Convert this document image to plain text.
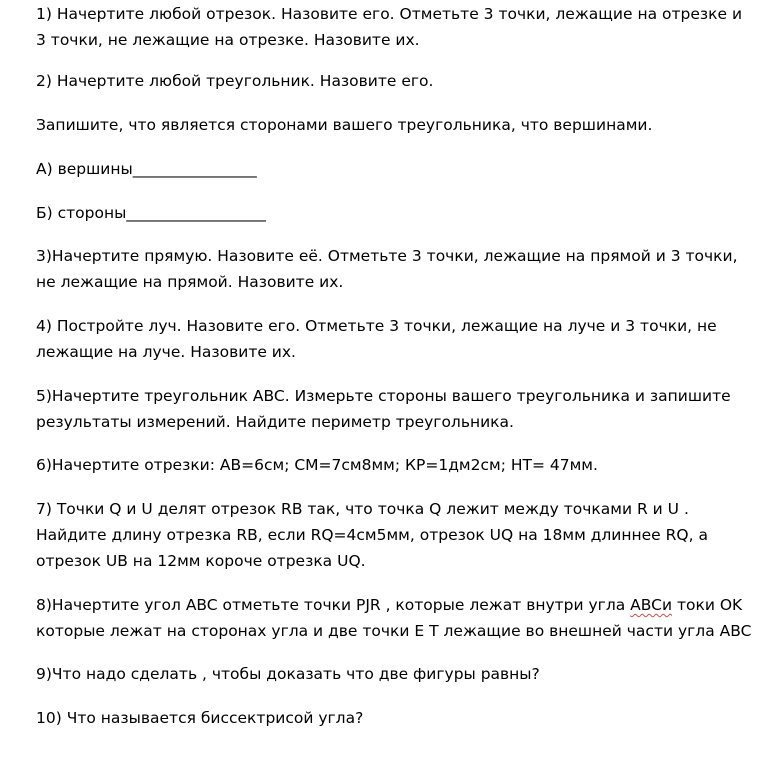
1) Начертите любой отрезок. Назовите его. Отметьте 3 точки, лежащие на отрезке и
3 точки, не лежащие на отрезке. Назовите их.

2) Начертите любой треугольник. Назовите его.

Запишите, что является сторонами вашего треугольника, что вершинами.

А) вершины________________

Б) стороны__________________

3)Начертите прямую. Назовите её. Отметьте 3 точки, лежащие на прямой и 3 точки,
не лежащие на прямой. Назовите их.

4) Постройте луч. Назовите его. Отметьте 3 точки, лежащие на луче и 3 точки, не
лежащие на луче. Назовите их.

5)Начертите треугольник ABC. Измерьте стороны вашего треугольника и запишите
результаты измерений. Найдите периметр треугольника.

6)Начертите отрезки: АВ=6см; СМ=7см8мм; КР=1дм2см; НТ= 47мм.

7) Точки Q и U делят отрезок RB так, что точка Q лежит между точками R и U .
Найдите длину отрезка RB, если RQ=4см5мм, отрезок UQ на 18мм длиннее RQ, а
отрезок UB на 12мм короче отрезка UQ.

8)Начертите угол ABC отметьте точки PJR , которые лежат внутри угла ABCи токи OK
которые лежат на сторонах угла и две точки E T лежащие во внешней части угла ABC

9)Что надо сделать , чтобы доказать что две фигуры равны?

10) Что называется биссектрисой угла?
